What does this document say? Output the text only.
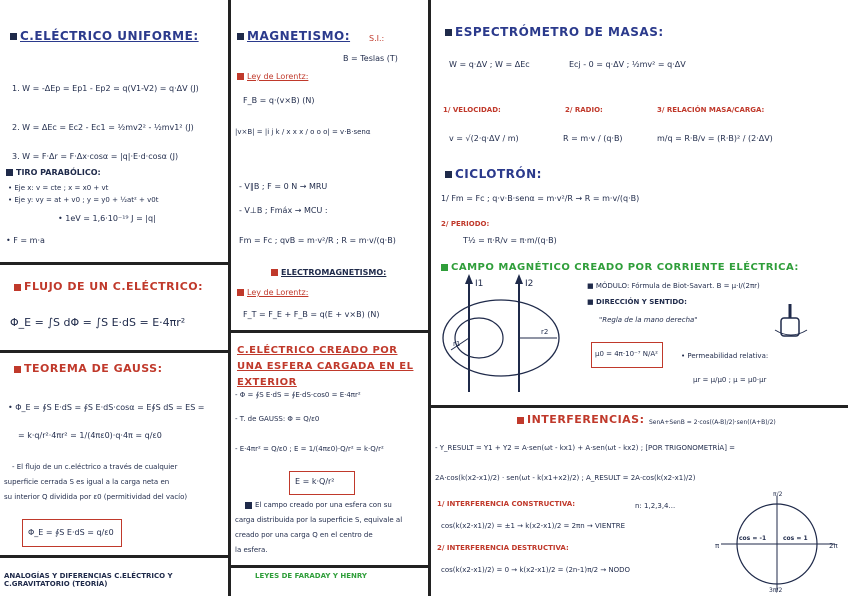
C.ELÉCTRICO UNIFORME:
1. W = -ΔEp = Ep1 - Ep2 = q(V1-V2) = q·ΔV (J)
2. W = ΔEc = Ec2 - Ec1 = ½mv2² - ½mv1² (J)
3. W = F·Δr = F·Δx·cosα = |q|·E·d·cosα (J)
TIRO PARABÓLICO:
• Eje x: v = cte ; x = x0 + vt
• Eje y: vy = at + v0 ; y = y0 + ½at² + v0t
• 1eV = 1,6·10⁻¹⁹ J = |q|
• F = m·a
FLUJO DE UN C.ELÉCTRICO:
Φ_E = ∫S dΦ = ∫S E·dS = E·4πr²
TEOREMA DE GAUSS:
• Φ_E = ∮S E·dS = ∮S E·dS·cosα = E∮S dS = ES =
= k·q/r²·4πr² = 1/(4πε0)·q·4π = q/ε0
- El flujo de un c.eléctrico a través de cualquier
superficie cerrada S es igual a la carga neta en
su interior Q dividida por ε0 (permitividad del vacío)
Φ_E = ∮S E·dS = q/ε0
ANALOGÍAS Y DIFERENCIAS C.ELÉCTRICO Y C.GRAVITATORIO (TEORÍA)
MAGNETISMO: S.I.:
B = Teslas (T)
Ley de Lorentz:
F_B = q·(v×B) (N)
|v×B| = |i j k / x x x / o o o| = v·B·senα
- V∥B ; F = 0 N → MRU
- V⊥B ; Fmáx → MCU :
Fm = Fc ; qvB = m·v²/R ; R = m·v/(q·B)
ELECTROMAGNETISMO:
Ley de Lorentz:
F_T = F_E + F_B = q(E + v×B) (N)
C.ELÉCTRICO CREADO POR UNA ESFERA CARGADA EN EL EXTERIOR
- Φ = ∮S E·dS = ∮E·dS·cos0 = E·4πr²
- T. de GAUSS: Φ = Q/ε0
- E·4πr² = Q/ε0 ; E = 1/(4πε0)·Q/r² = k·Q/r²
E = k·Q/r²
El campo creado por una esfera con su
carga distribuida por la superficie S, equivale al
creado por una carga Q en el centro de
la esfera.
LEYES DE FARADAY Y HENRY
ESPECTRÓMETRO DE MASAS:
W = q·ΔV ; W = ΔEc	Ecj - 0 = q·ΔV ; ½mv² = q·ΔV
1/ VELOCIDAD:
v = √(2·q·ΔV / m)
2/ RADIO:
R = m·v / (q·B)
3/ RELACIÓN MASA/CARGA:
m/q = R·B/v = (R·B)² / (2·ΔV)
CICLOTRÓN:
1/ Fm = Fc ; q·v·B·senα = m·v²/R → R = m·v/(q·B)
2/ PERIODO:
T½ = π·R/v = π·m/(q·B)
CAMPO MAGNÉTICO CREADO POR CORRIENTE ELÉCTRICA:
■ MÓDULO: Fórmula de Biot-Savart. B = μ·I/(2πr)
■ DIRECCIÓN Y SENTIDO:
"Regla de la mano derecha"
μ0 = 4π·10⁻⁷ N/A²	• Permeabilidad relativa:
μr = μ/μ0 ; μ = μ0·μr
I1	I2
r1
r2
INTERFERENCIAS: SenA+SenB = 2·cos((A-B)/2)·sen((A+B)/2)
- Y_RESULT = Y1 + Y2 = A·sen(ωt - kx1) + A·sen(ωt - kx2) ; [POR TRIGONOMETRÍA] =
2A·cos(k(x2-x1)/2) · sen(ωt - k(x1+x2)/2) ; A_RESULT = 2A·cos(k(x2-x1)/2)
1/ INTERFERENCIA CONSTRUCTIVA:	n: 1,2,3,4...
cos(k(x2-x1)/2) = ±1 → k(x2-x1)/2 = 2πn → VIENTRE
2/ INTERFERENCIA DESTRUCTIVA:
cos(k(x2-x1)/2) = 0 → k(x2-x1)/2 = (2n-1)π/2 → NODO
cos = -1	cos = 1
π	2π
π/2
3π/2
